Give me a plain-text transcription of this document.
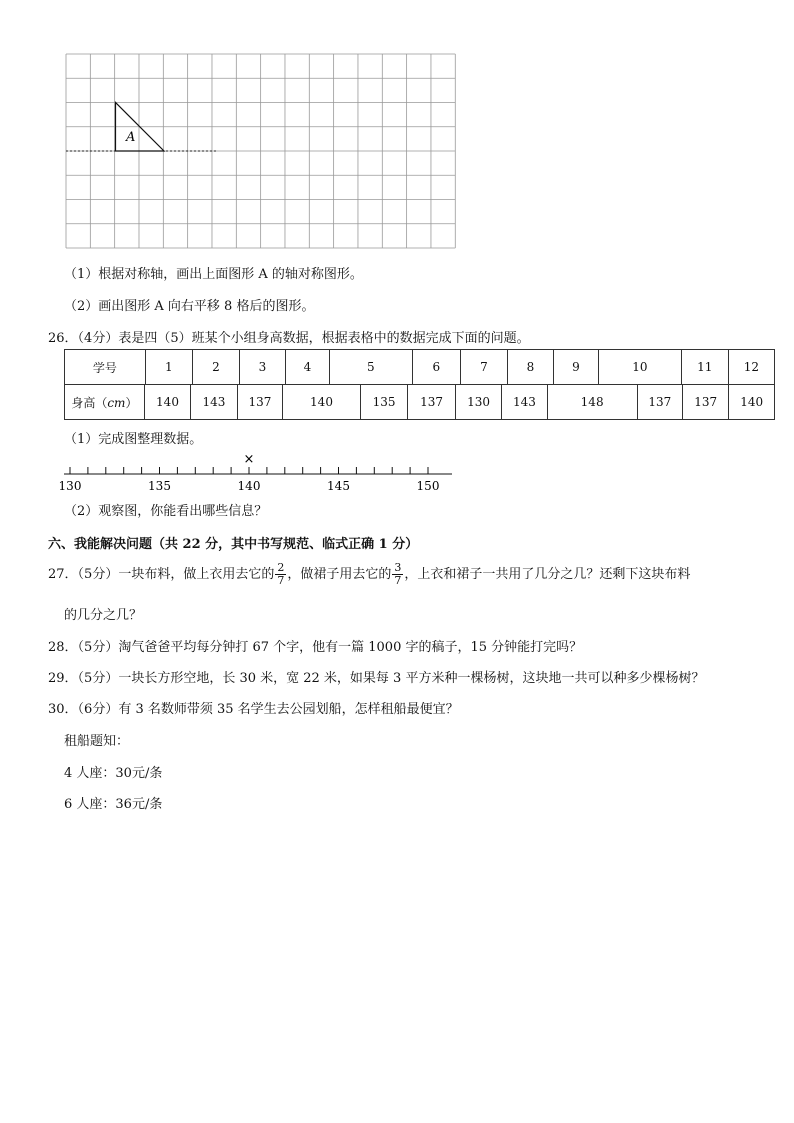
A
（1）根据对称轴，画出上面图形 A 的轴对称图形。
（2）画出图形 A 向右平移 8 格后的图形。
26．（4分）表是四（5）班某个小组身高数据，根据表格中的数据完成下面的问题。
学号	1	2	3	4	5	6	7	8	9	10	11	12
身高（cm）	140	143	137	140	135	137	130	143	148	137	137	140
（1）完成图整理数据。
130	135	140	145	150
×
（2）观察图，你能看出哪些信息？
六、我能解决问题（共 22 分，其中书写规范、临式正确 1 分）
27．（5分）一块布料，做上衣用去它的 $\frac{2}{7}$ ，做裙子用去它的 $\frac{3}{7}$ ，上衣和裙子一共用了几分之几？还剩下这块布料
的几分之几？
28．（5分）淘气爸爸平均每分钟打 67 个字，他有一篇 1000 字的稿子，15 分钟能打完吗？
29．（5分）一块长方形空地，长 30 米，宽 22 米，如果每 3 平方米种一棵杨树，这块地一共可以种多少棵杨树？
30．（6分）有 3 名数师带须 35 名学生去公园划船，怎样租船最便宜？
租船题知：
4 人座：30元/条
6 人座：36元/条
